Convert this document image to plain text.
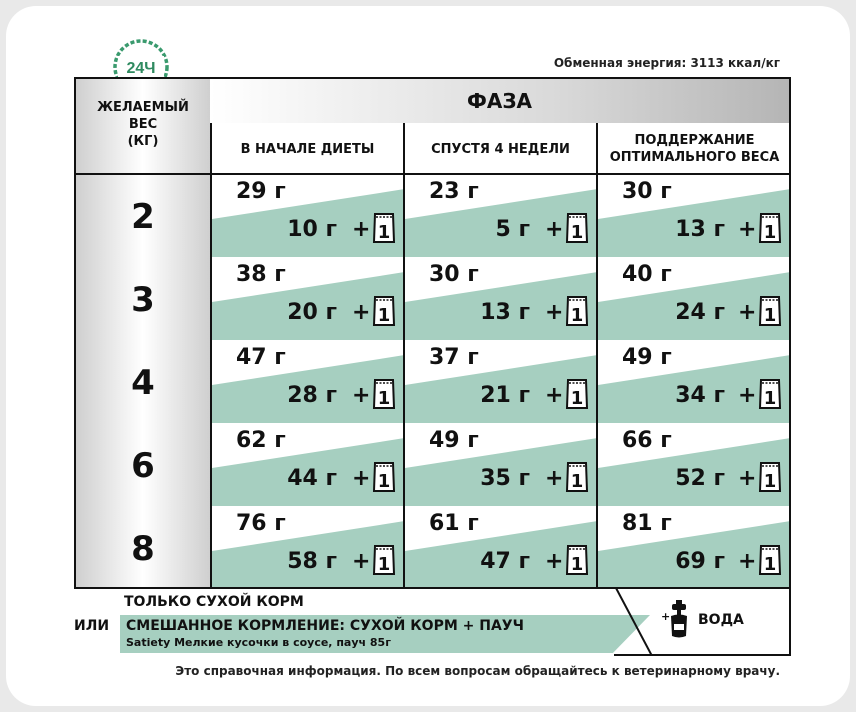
24Ч	Обменная энергия: 3113 ккал/кг
ЖЕЛАЕМЫЙ
ВЕС
(КГ)
ФАЗА
В НАЧАЛЕ ДИЕТЫ	СПУСТЯ 4 НЕДЕЛИ
ПОДДЕРЖАНИЕ ОПТИМАЛЬНОГО ВЕСА
2
29 г
10 г + 1
23 г
5 г + 1
30 г
13 г + 1
3
38 г
20 г + 1
30 г
13 г + 1
40 г
24 г + 1
4
47 г
28 г + 1
37 г
21 г + 1
49 г
34 г + 1
6
62 г
44 г + 1
49 г
35 г + 1
66 г
52 г + 1
8
76 г
58 г + 1
61 г
47 г + 1
81 г
69 г + 1
ТОЛЬКО СУХОЙ КОРМ
ИЛИ СМЕШАННОЕ КОРМЛЕНИЕ: СУХОЙ КОРМ + ПАУЧ
Satiety Мелкие кусочки в соусе, пауч 85г
+ ВОДА
Это справочная информация. По всем вопросам обращайтесь к ветеринарному врачу.
